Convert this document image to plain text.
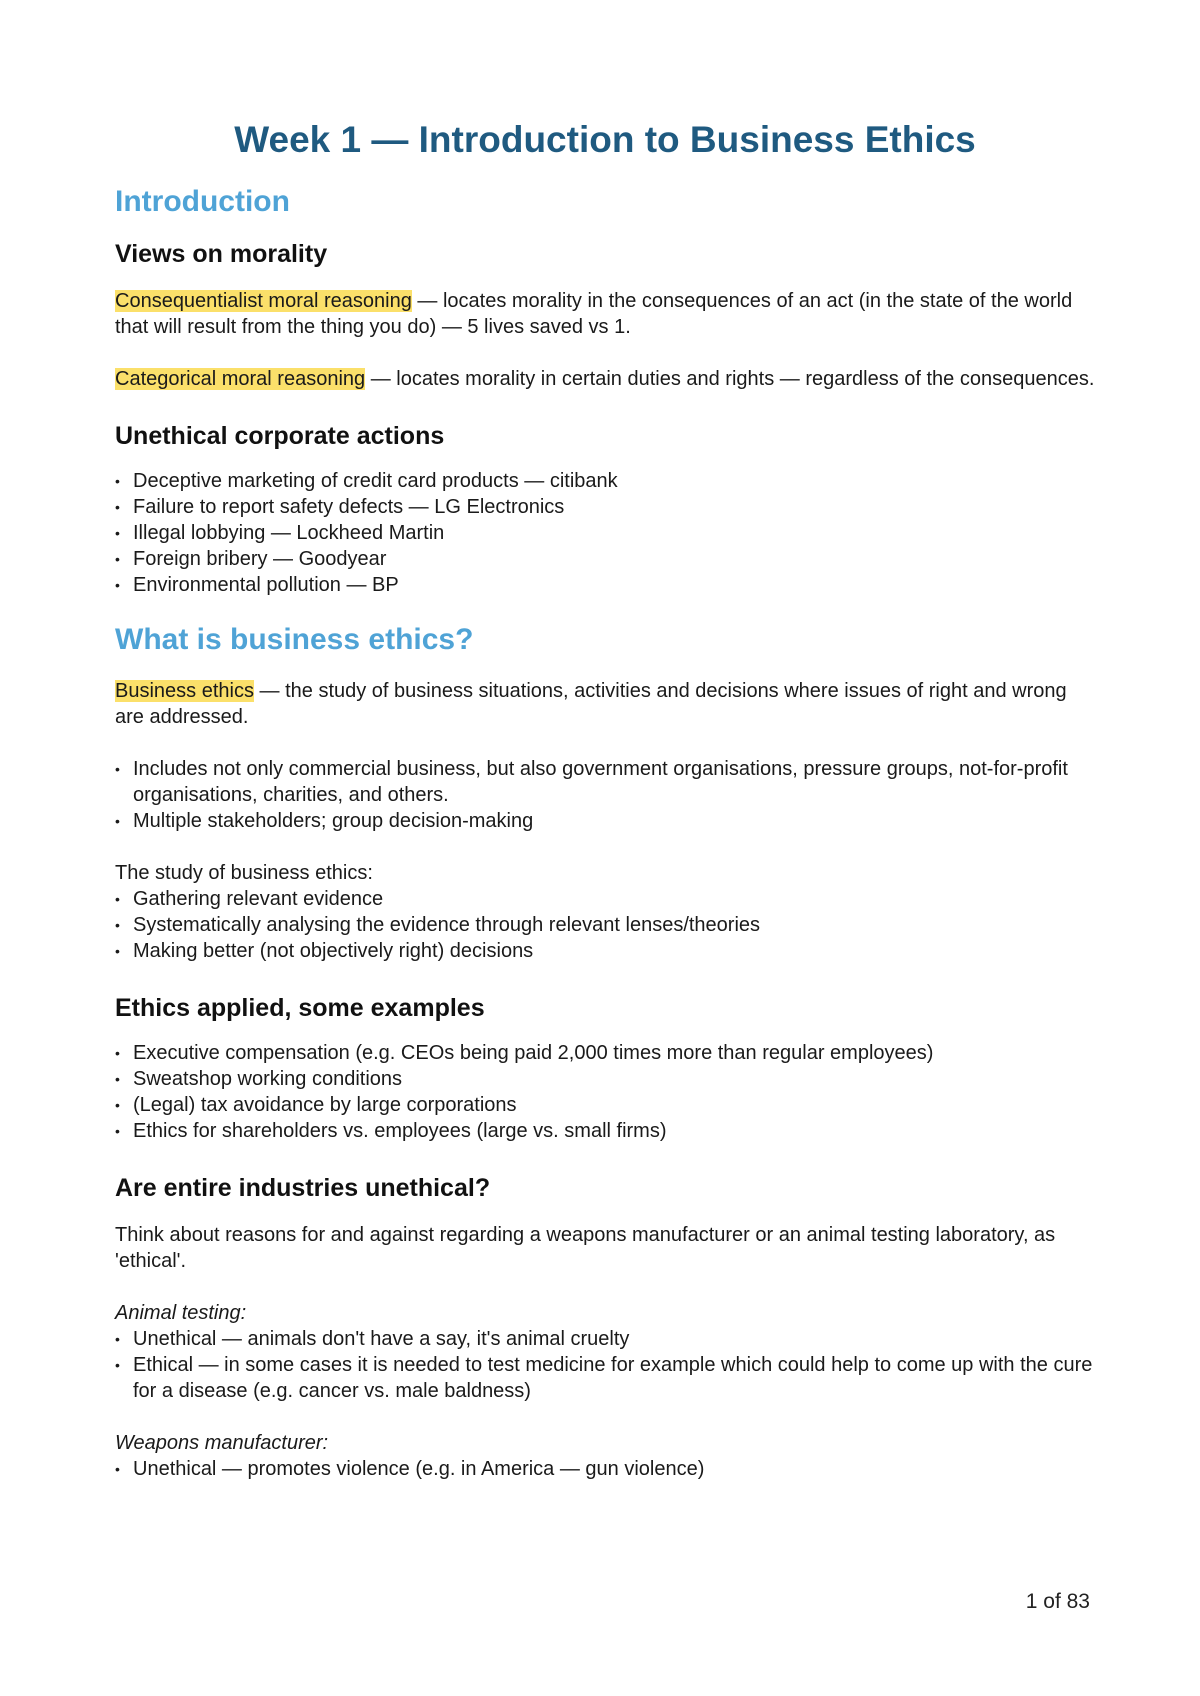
Week 1 — Introduction to Business Ethics
Introduction
Views on morality

Consequentialist moral reasoning — locates morality in the consequences of an act (in the state of the world that will result from the thing you do) — 5 lives saved vs 1.

Categorical moral reasoning — locates morality in certain duties and rights — regardless of the consequences.

Unethical corporate actions
• Deceptive marketing of credit card products — citibank
• Failure to report safety defects — LG Electronics
• Illegal lobbying — Lockheed Martin
• Foreign bribery — Goodyear
• Environmental pollution — BP
What is business ethics?

Business ethics — the study of business situations, activities and decisions where issues of right and wrong are addressed.

• Includes not only commercial business, but also government organisations, pressure groups, not-for-profit organisations, charities, and others.
• Multiple stakeholders; group decision-making

The study of business ethics:

• Gathering relevant evidence
• Systematically analysing the evidence through relevant lenses/theories
• Making better (not objectively right) decisions
Ethics applied, some examples
• Executive compensation (e.g. CEOs being paid 2,000 times more than regular employees)
• Sweatshop working conditions
• (Legal) tax avoidance by large corporations
• Ethics for shareholders vs. employees (large vs. small firms)
Are entire industries unethical?

Think about reasons for and against regarding a weapons manufacturer or an animal testing laboratory, as 'ethical'.

Animal testing:

• Unethical — animals don't have a say, it's animal cruelty
• Ethical — in some cases it is needed to test medicine for example which could help to come up with the cure for a disease (e.g. cancer vs. male baldness)

Weapons manufacturer:

• Unethical — promotes violence (e.g. in America — gun violence)
1 of 83
